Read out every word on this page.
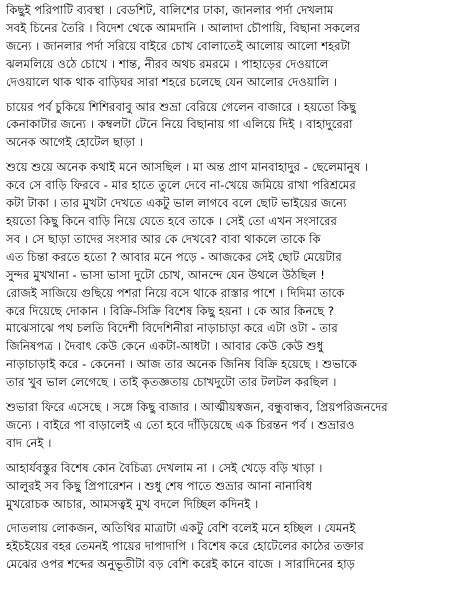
কিছুই পরিপাটি ব্যবস্থা । বেডশিট, বালিশের ঢাকা, জানলার পর্দা দেখলাম
সবই চিনের তৈরি । বিদেশ থেকে আমদানি । আলাদা চৌপায়ি, বিছানা সকলের
জন্যে । জানলার পর্দা সরিয়ে বাইরে চোখ বোলাতেই আলোয় আলো শহরটা
ঝলমলিয়ে ওঠে চোখে । শান্ত, নীরব অথচ রমরমে । পাহাড়ের দেওয়ালে
দেওয়ালে থাক থাক বাড়িঘর সারা শহরে চলেছে যেন আলোর দেওয়ালি ।
চায়ের পর্ব চুকিয়ে শিশিরবাবু আর শুভ্রা বেরিয়ে গেলেন বাজারে । হয়তো কিছু
কেনাকাটার জন্যে । কম্বলটা টেনে নিয়ে বিছানায় গা এলিয়ে দিই । বাহাদুরেরা
অনেক আগেই হোটেল ছাড়া ।
শুয়ে শুয়ে অনেক কথাই মনে আসছিল । মা অন্ত প্রাণ মানবাহাদুর - ছেলেমানুষ ।
কবে সে বাড়ি ফিরবে - মার হাতে তুলে দেবে না-খেয়ে জমিয়ে রাখা পরিশ্রমের
কটা টাকা । তার মুখটা দেখতে একটু ভাল লাগবে বলে ছোট ভাইয়ের জন্যে
হয়তো কিছু কিনে বাড়ি নিয়ে যেতে হবে তাকে । সেই তো এখন সংসারের
সব । সে ছাড়া তাদের সংসার আর কে দেখবে? বাবা থাকলে তাকে কি
এত চিন্তা করতে হতো ? আবার মনে পড়ে - আজকের সেই ছোট মেয়েটার
সুন্দর মুখখানা - ভাসা ভাসা দুটো চোখ, আনন্দে যেন উথলে উঠছিল !
রোজই সাজিয়ে গুছিয়ে পশরা নিয়ে বসে থাকে রাস্তার পাশে । দিদিমা তাকে
করে দিয়েছে দোকান । বিক্রি-সিক্রি বিশেষ কিছু হয়না । কে আর কিনছে ?
মাঝেসাঝে পথ চলতি বিদেশী বিদেশিনীরা নাড়াচাড়া করে এটা ওটা - তার
জিনিষপত্র । দৈবাৎ কেউ কেনে একটা-আধটা । আবার কেউ কেউ শুধু
নাড়াচাড়াই করে - কেনেনা । আজ তার অনেক জিনিষ বিক্রি হয়েছে । শুভাকে
তার খুব ভাল লেগেছে । তাই কৃতজ্ঞতায় চোখদুটো তার টলটল করছিল ।
শুভারা ফিরে এসেছে । সঙ্গে কিছু বাজার । আত্মীয়স্বজন, বন্ধুবান্ধব, প্রিয়পরিজনদের
জন্যে । বাইরে পা বাড়ালেই এ তো হবে দাঁড়িয়েছে এক চিরন্তন পর্ব । শুভ্রারও
বাদ নেই ।
আহার্যবস্তুর বিশেষ কোন বৈচিত্র্য দেখলাম না । সেই খেড়ে বড়ি খাড়া ।
আলুরই সব কিছু প্রিপারেশন । শুধু শেষ পাতে শুভ্রার আনা নানাবিধ
মুখরোচক আচার, আমসত্বই মুখ বদলে দিচ্ছিল কদিনই ।
দোতলায় লোকজন, অতিথির মাত্রাটা একটু বেশি বলেই মনে হচ্ছিল । যেমনই
হইচইয়ের বহর তেমনই পায়ের দাপাদাপি । বিশেষ করে হোটেলের কাঠের তক্তার
মেঝের ওপর শব্দের অনুভূতীটা বড় বেশি করেই কানে বাজে । সারাদিনের হাড়
